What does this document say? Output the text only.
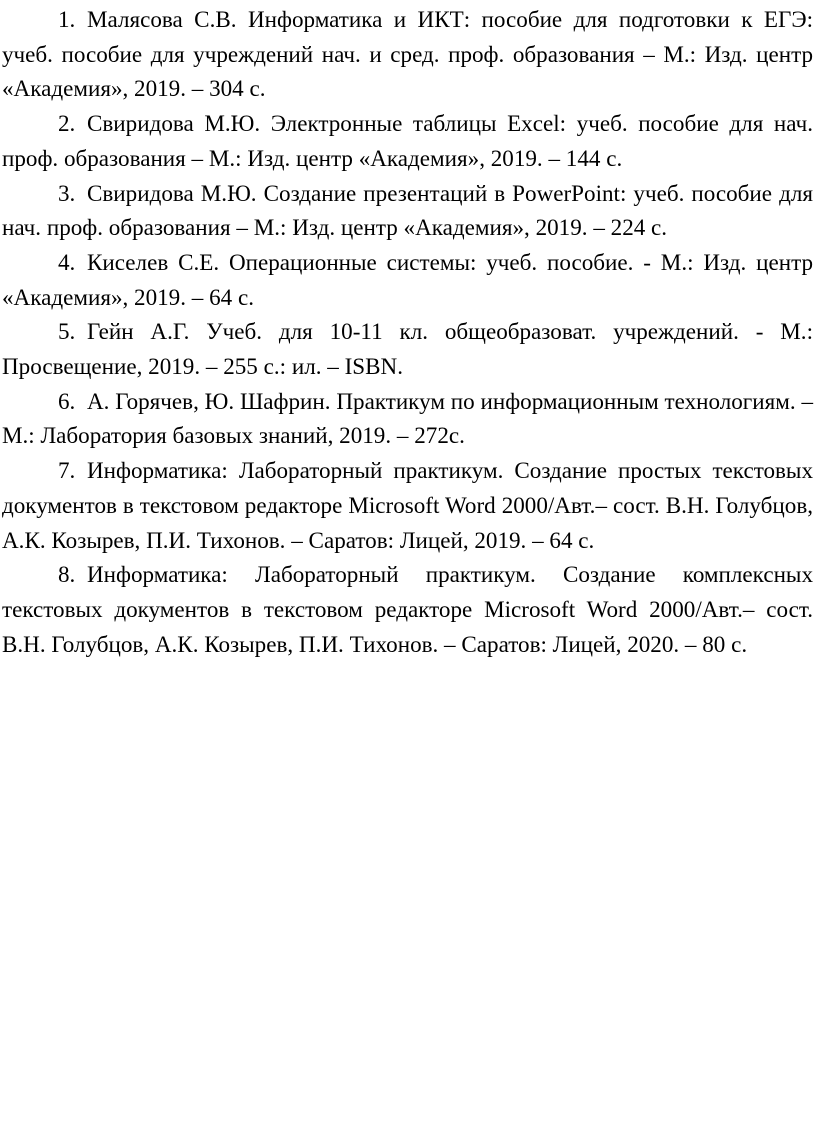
1. Малясова С.В. Информатика и ИКТ: пособие для подготовки к ЕГЭ: учеб. пособие для учреждений нач. и сред. проф. образования – М.: Изд. центр «Академия», 2019. – 304 с.

2. Свиридова М.Ю. Электронные таблицы Excel: учеб. пособие для нач. проф. образования – М.: Изд. центр «Академия», 2019. – 144 с.

3. Свиридова М.Ю. Создание презентаций в PowerPoint: учеб. пособие для нач. проф. образования – М.: Изд. центр «Академия», 2019. – 224 с.

4. Киселев С.Е. Операционные системы: учеб. пособие. - М.: Изд. центр «Академия», 2019. – 64 с.

5. Гейн А.Г. Учеб. для 10-11 кл. общеобразоват. учреждений. - М.: Просвещение, 2019. – 255 с.: ил. – ISBN.

6. А. Горячев, Ю. Шафрин. Практикум по информационным технологиям. – М.: Лаборатория базовых знаний, 2019. – 272с.

7. Информатика: Лабораторный практикум. Создание простых текстовых документов в текстовом редакторе Microsoft Word 2000/Авт.– сост. В.Н. Голубцов, А.К. Козырев, П.И. Тихонов. – Саратов: Лицей, 2019. – 64 с.

8. Информатика: Лабораторный практикум. Создание комплексных текстовых документов в текстовом редакторе Microsoft Word 2000/Авт.– сост. В.Н. Голубцов, А.К. Козырев, П.И. Тихонов. – Саратов: Лицей, 2020. – 80 с.
